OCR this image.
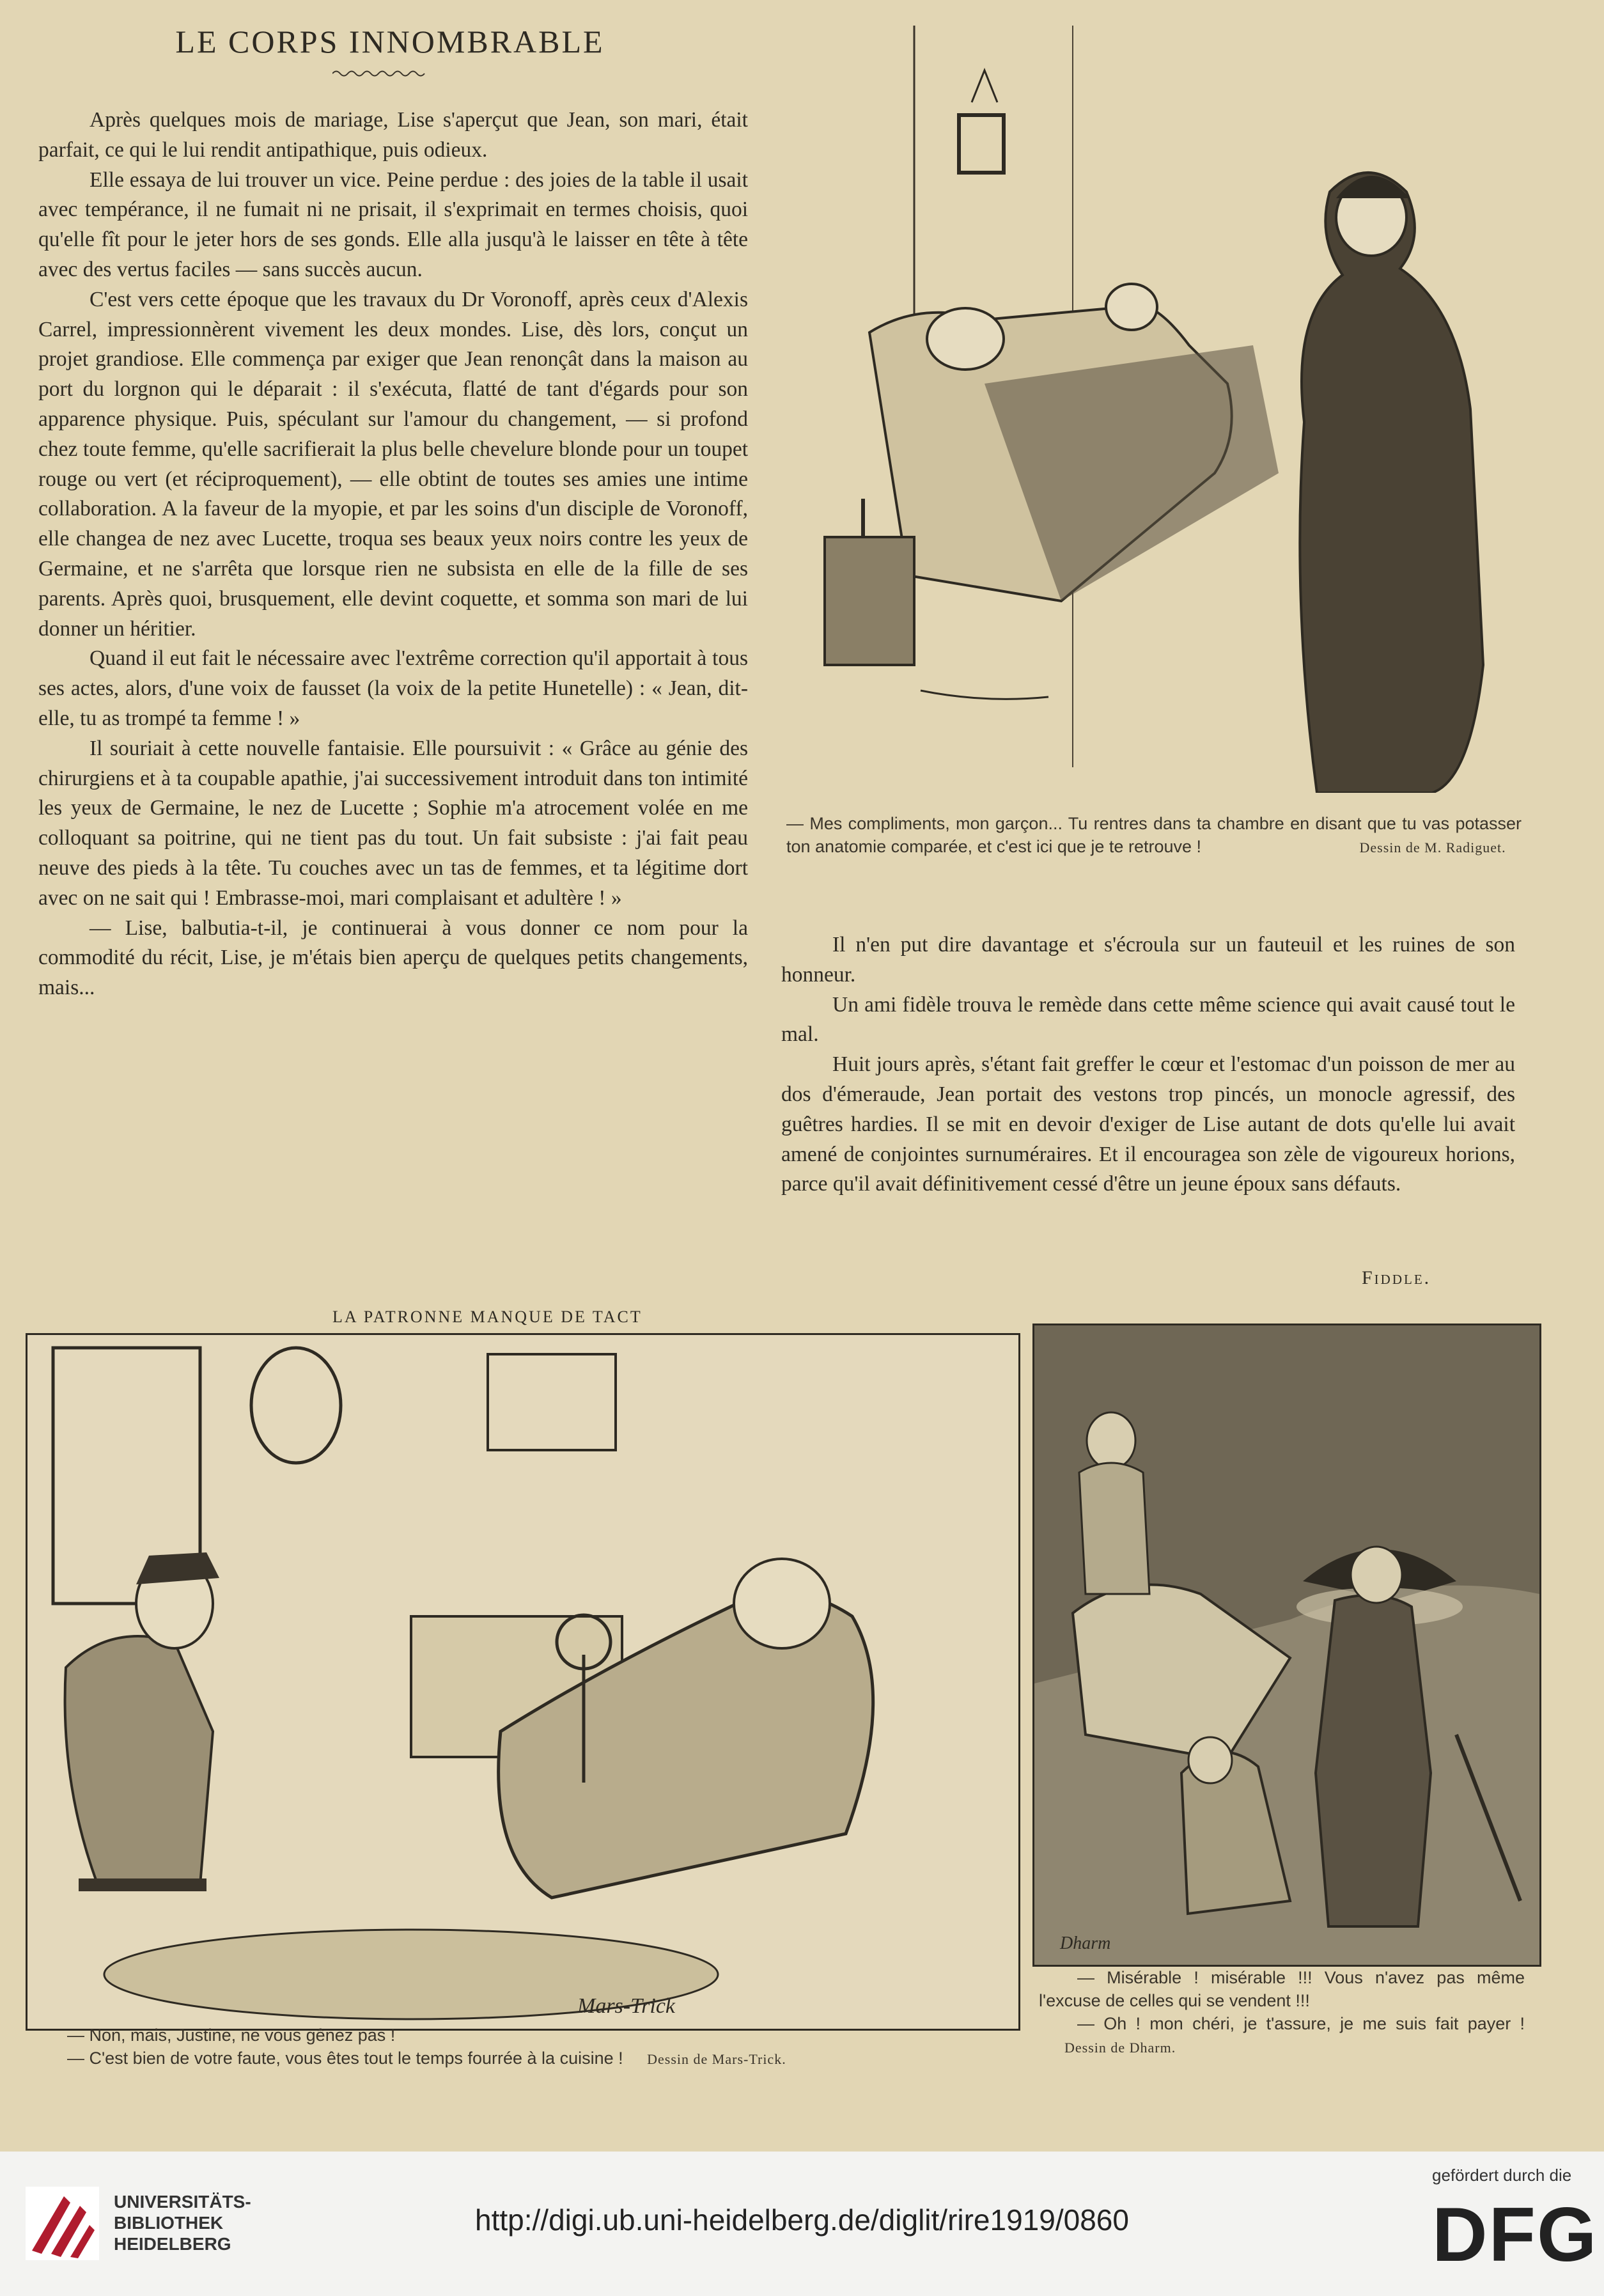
LE CORPS INNOMBRABLE

Après quelques mois de mariage, Lise s'aperçut que Jean, son mari, était parfait, ce qui le lui rendit antipathique, puis odieux.

Elle essaya de lui trouver un vice. Peine perdue : des joies de la table il usait avec tempérance, il ne fumait ni ne prisait, il s'exprimait en termes choisis, quoi qu'elle fît pour le jeter hors de ses gonds. Elle alla jusqu'à le laisser en tête à tête avec des vertus faciles — sans succès aucun.

C'est vers cette époque que les travaux du Dr Voronoff, après ceux d'Alexis Carrel, impressionnèrent vivement les deux mondes. Lise, dès lors, conçut un projet grandiose. Elle commença par exiger que Jean renonçât dans la maison au port du lorgnon qui le déparait : il s'exécuta, flatté de tant d'égards pour son apparence physique. Puis, spéculant sur l'amour du changement, — si profond chez toute femme, qu'elle sacrifierait la plus belle chevelure blonde pour un toupet rouge ou vert (et réciproquement), — elle obtint de toutes ses amies une intime collaboration. A la faveur de la myopie, et par les soins d'un disciple de Voronoff, elle changea de nez avec Lucette, troqua ses beaux yeux noirs contre les yeux de Germaine, et ne s'arrêta que lorsque rien ne subsista en elle de la fille de ses parents. Après quoi, brusquement, elle devint coquette, et somma son mari de lui donner un héritier.

Quand il eut fait le nécessaire avec l'extrême correction qu'il apportait à tous ses actes, alors, d'une voix de fausset (la voix de la petite Hunetelle) : « Jean, dit-elle, tu as trompé ta femme ! »

Il souriait à cette nouvelle fantaisie. Elle poursuivit : « Grâce au génie des chirurgiens et à ta coupable apathie, j'ai successivement introduit dans ton intimité les yeux de Germaine, le nez de Lucette ; Sophie m'a atrocement volée en me colloquant sa poitrine, qui ne tient pas du tout. Un fait subsiste : j'ai fait peau neuve des pieds à la tête. Tu couches avec un tas de femmes, et ta légitime dort avec on ne sait qui ! Embrasse-moi, mari complaisant et adultère ! »

— Lise, balbutia-t-il, je continuerai à vous donner ce nom pour la commodité du récit, Lise, je m'étais bien aperçu de quelques petits changements, mais...

— Mes compliments, mon garçon... Tu rentres dans ta chambre en disant que tu vas potasser ton anatomie comparée, et c'est ici que je te retrouve !	Dessin de M. Radiguet.

Il n'en put dire davantage et s'écroula sur un fauteuil et les ruines de son honneur.

Un ami fidèle trouva le remède dans cette même science qui avait causé tout le mal.

Huit jours après, s'étant fait greffer le cœur et l'estomac d'un poisson de mer au dos d'émeraude, Jean portait des vestons trop pincés, un monocle agressif, des guêtres hardies. Il se mit en devoir d'exiger de Lise autant de dots qu'elle lui avait amené de conjointes surnuméraires. Et il encouragea son zèle de vigoureux horions, parce qu'il avait définitivement cessé d'être un jeune époux sans défauts.

Fiddle.
LA PATRONNE MANQUE DE TACT
Mars-Trick

— Non, mais, Justine, ne vous gênez pas !

— C'est bien de votre faute, vous êtes tout le temps fourrée à la cuisine ! Dessin de Mars-Trick.

Dharm

— Misérable ! misérable !!! Vous n'avez pas même l'excuse de celles qui se vendent !!!

— Oh ! mon chéri, je t'assure, je me suis fait payer ! Dessin de Dharm.

UNIVERSITÄTS-
BIBLIOTHEK
HEIDELBERG
http://digi.ub.uni-heidelberg.de/diglit/rire1919/0860
gefördert durch die
DFG
